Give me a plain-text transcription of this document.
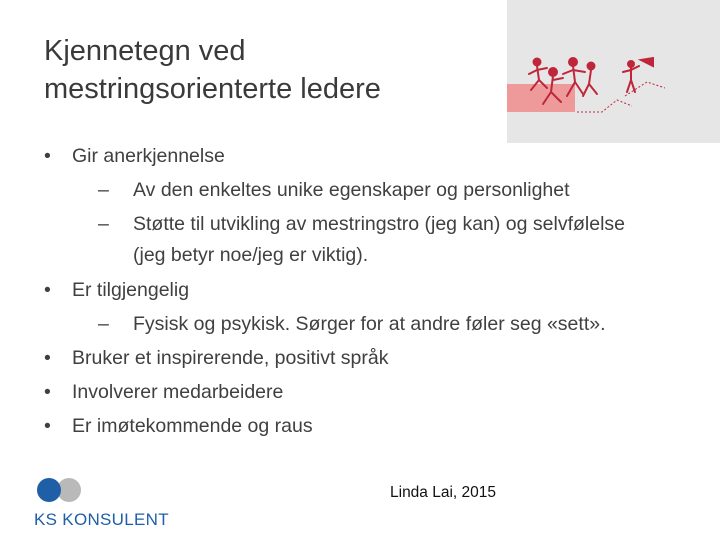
Kjennetegn ved
mestringsorienterte ledere
• Gir anerkjennelse
– Av den enkeltes unike egenskaper og personlighet
– Støtte til utvikling av mestringstro (jeg kan) og selvfølelse
(jeg betyr noe/jeg er viktig).
• Er tilgjengelig
– Fysisk og psykisk. Sørger for at andre føler seg «sett».
• Bruker et inspirerende, positivt språk
• Involverer medarbeidere
• Er imøtekommende og raus
Linda Lai, 2015
KS KONSULENT
